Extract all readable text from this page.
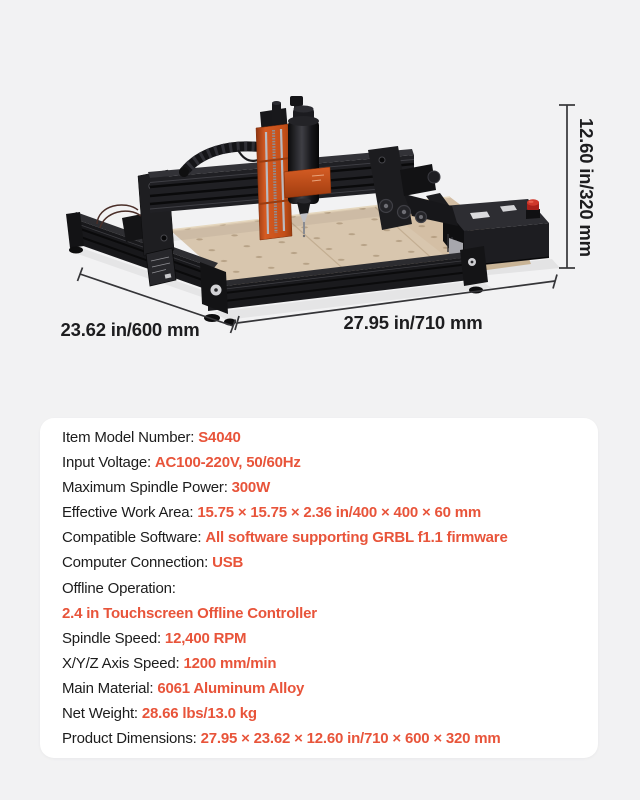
12.60 in/320 mm
23.62 in/600 mm	27.95 in/710 mm
Item Model Number: S4040
Input Voltage: AC100-220V, 50/60Hz
Maximum Spindle Power: 300W
Effective Work Area: 15.75 × 15.75 × 2.36 in/400 × 400 × 60 mm
Compatible Software: All software supporting GRBL f1.1 firmware
Computer Connection: USB
Offline Operation:
2.4 in Touchscreen Offline Controller
Spindle Speed: 12,400 RPM
X/Y/Z Axis Speed: 1200 mm/min
Main Material: 6061 Aluminum Alloy
Net Weight: 28.66 lbs/13.0 kg
Product Dimensions: 27.95 × 23.62 × 12.60 in/710 × 600 × 320 mm
